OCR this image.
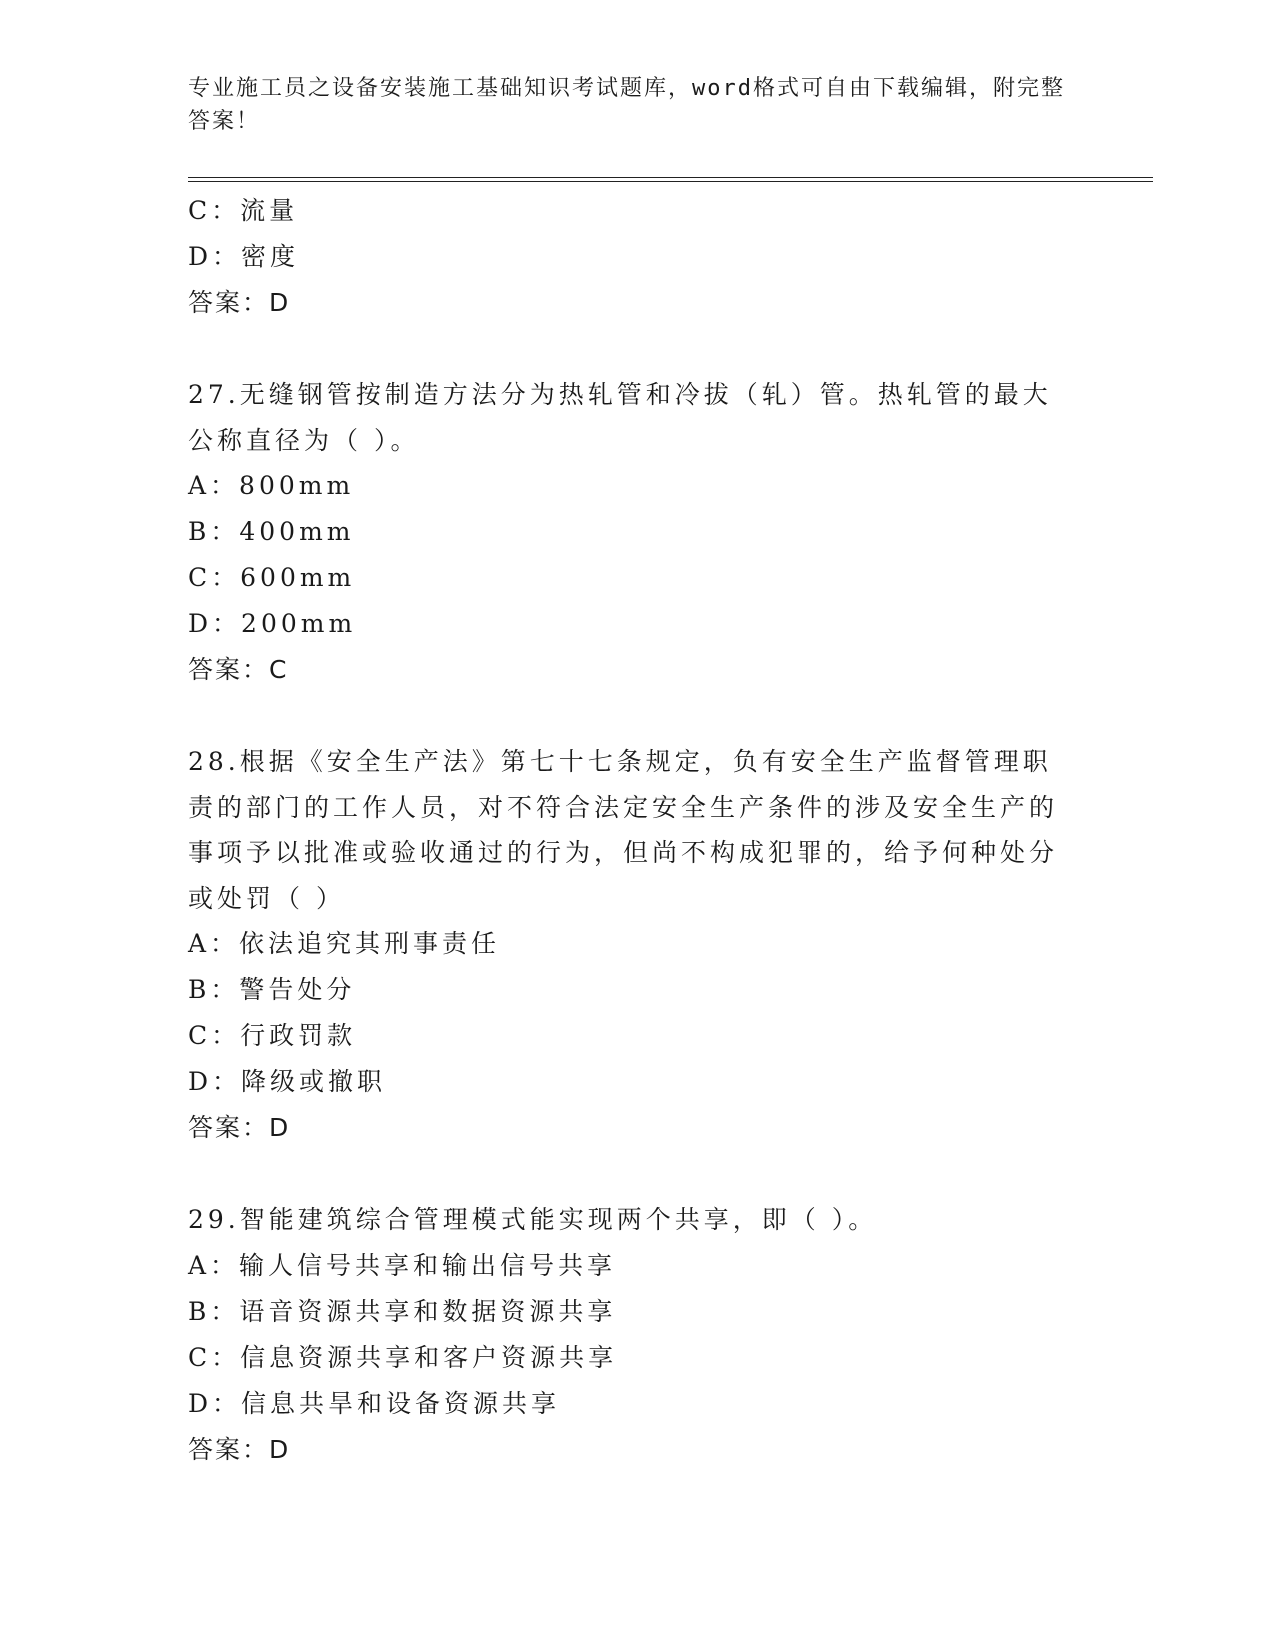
专业施工员之设备安装施工基础知识考试题库，word格式可自由下载编辑，附完整答案！
C：流量
D：密度
答案：D
27.无缝钢管按制造方法分为热轧管和冷拔（轧）管。热轧管的最大公称直径为（ ）。
A：800mm
B：400mm
C：600mm
D：200mm
答案：C
28.根据《安全生产法》第七十七条规定，负有安全生产监督管理职责的部门的工作人员，对不符合法定安全生产条件的涉及安全生产的事项予以批准或验收通过的行为，但尚不构成犯罪的，给予何种处分或处罚（ ）
A：依法追究其刑事责任
B：警告处分
C：行政罚款
D：降级或撤职
答案：D
29.智能建筑综合管理模式能实现两个共享，即（ ）。
A：输人信号共享和输出信号共享
B：语音资源共享和数据资源共享
C：信息资源共享和客户资源共享
D：信息共旱和设备资源共享
答案：D
